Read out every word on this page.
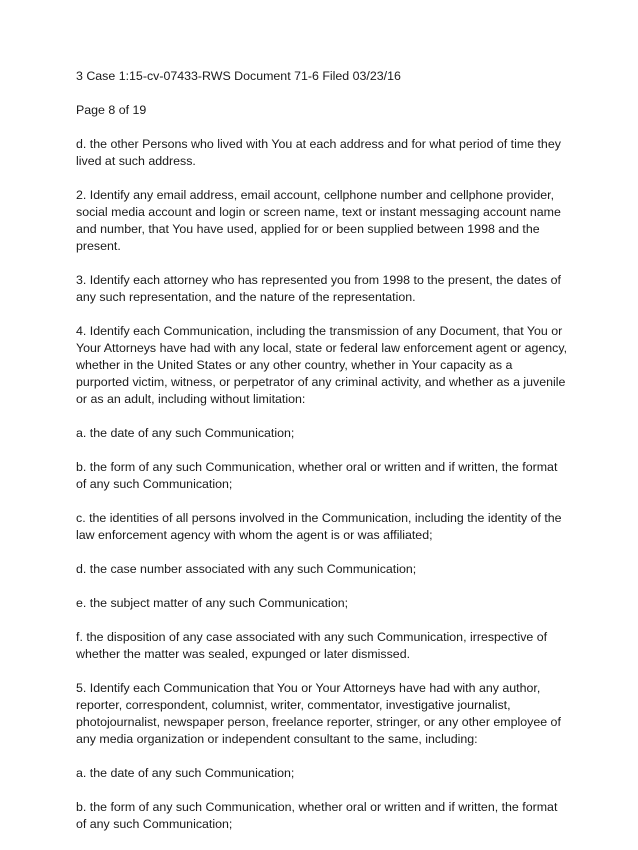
3 Case 1:15-cv-07433-RWS Document 71-6 Filed 03/23/16

Page 8 of 19

d. the other Persons who lived with You at each address and for what period of time they lived at such address.

2. Identify any email address, email account, cellphone number and cellphone provider, social media account and login or screen name, text or instant messaging account name and number, that You have used, applied for or been supplied between 1998 and the present.

3. Identify each attorney who has represented you from 1998 to the present, the dates of any such representation, and the nature of the representation.

4. Identify each Communication, including the transmission of any Document, that You or Your Attorneys have had with any local, state or federal law enforcement agent or agency, whether in the United States or any other country, whether in Your capacity as a purported victim, witness, or perpetrator of any criminal activity, and whether as a juvenile or as an adult, including without limitation:

a. the date of any such Communication;

b. the form of any such Communication, whether oral or written and if written, the format of any such Communication;

c. the identities of all persons involved in the Communication, including the identity of the law enforcement agency with whom the agent is or was affiliated;

d. the case number associated with any such Communication;

e. the subject matter of any such Communication;

f. the disposition of any case associated with any such Communication, irrespective of whether the matter was sealed, expunged or later dismissed.

5. Identify each Communication that You or Your Attorneys have had with any author, reporter, correspondent, columnist, writer, commentator, investigative journalist, photojournalist, newspaper person, freelance reporter, stringer, or any other employee of any media organization or independent consultant to the same, including:

a. the date of any such Communication;

b. the form of any such Communication, whether oral or written and if written, the format of any such Communication;
